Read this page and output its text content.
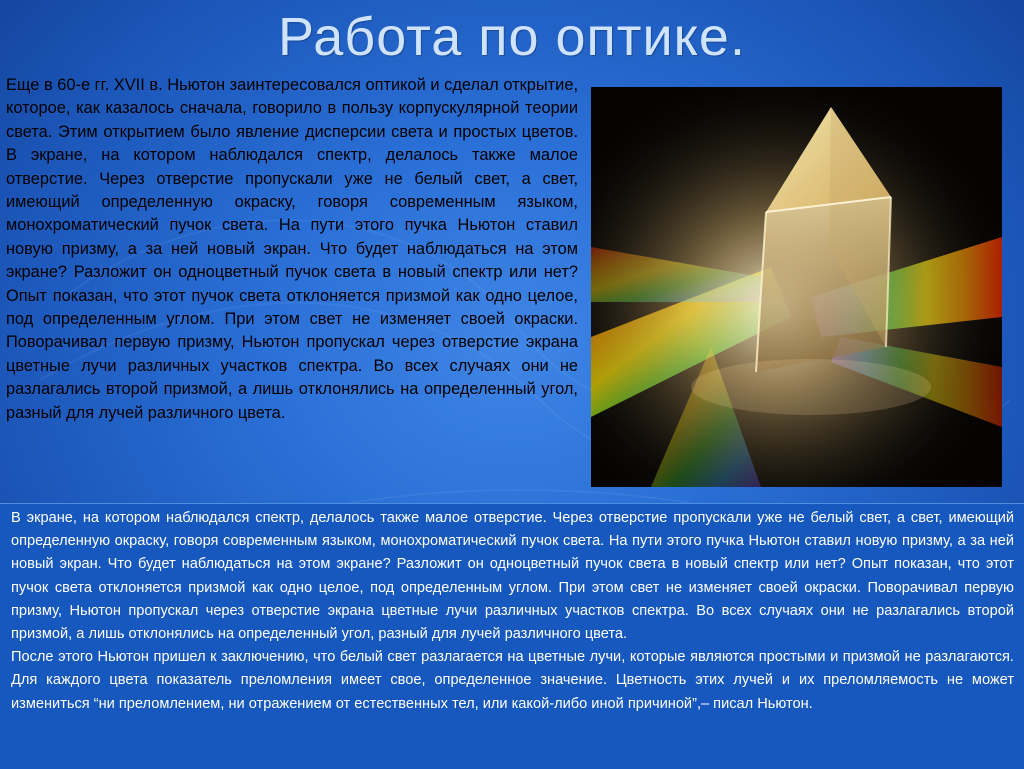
Работа по оптике.

Еще в 60-е гг. XVII в. Ньютон заинтересовался оптикой и сделал открытие, которое, как казалось сначала, говорило в пользу корпускулярной теории света. Этим открытием было явление дисперсии света и простых цветов. В экране, на котором наблюдался спектр, делалось также малое отверстие. Через отверстие пропускали уже не белый свет, а свет, имеющий определенную окраску, говоря современным языком, монохроматический пучок света. На пути этого пучка Ньютон ставил новую призму, а за ней новый экран. Что будет наблюдаться на этом экране? Разложит он одноцветный пучок света в новый спектр или нет? Опыт показан, что этот пучок света отклоняется призмой как одно целое, под определенным углом. При этом свет не изменяет своей окраски. Поворачивал первую призму, Ньютон пропускал через отверстие экрана цветные лучи различных участков спектра. Во всех случаях они не разлагались второй призмой, а лишь отклонялись на определенный угол, разный для лучей различного цвета.

В экране, на котором наблюдался спектр, делалось также малое отверстие. Через отверстие пропускали уже не белый свет, а свет, имеющий определенную окраску, говоря современным языком, монохроматический пучок света. На пути этого пучка Ньютон ставил новую призму, а за ней новый экран. Что будет наблюдаться на этом экране? Разложит он одноцветный пучок света в новый спектр или нет? Опыт показан, что этот пучок света отклоняется призмой как одно целое, под определенным углом. При этом свет не изменяет своей окраски. Поворачивал первую призму, Ньютон пропускал через отверстие экрана цветные лучи различных участков спектра. Во всех случаях они не разлагались второй призмой, а лишь отклонялись на определенный угол, разный для лучей различного цвета.

После этого Ньютон пришел к заключению, что белый свет разлагается на цветные лучи, которые являются простыми и призмой не разлагаются. Для каждого цвета показатель преломления имеет свое, определенное значение. Цветность этих лучей и их преломляемость не может измениться “ни преломлением, ни отражением от естественных тел, или какой-либо иной причиной”,– писал Ньютон.
